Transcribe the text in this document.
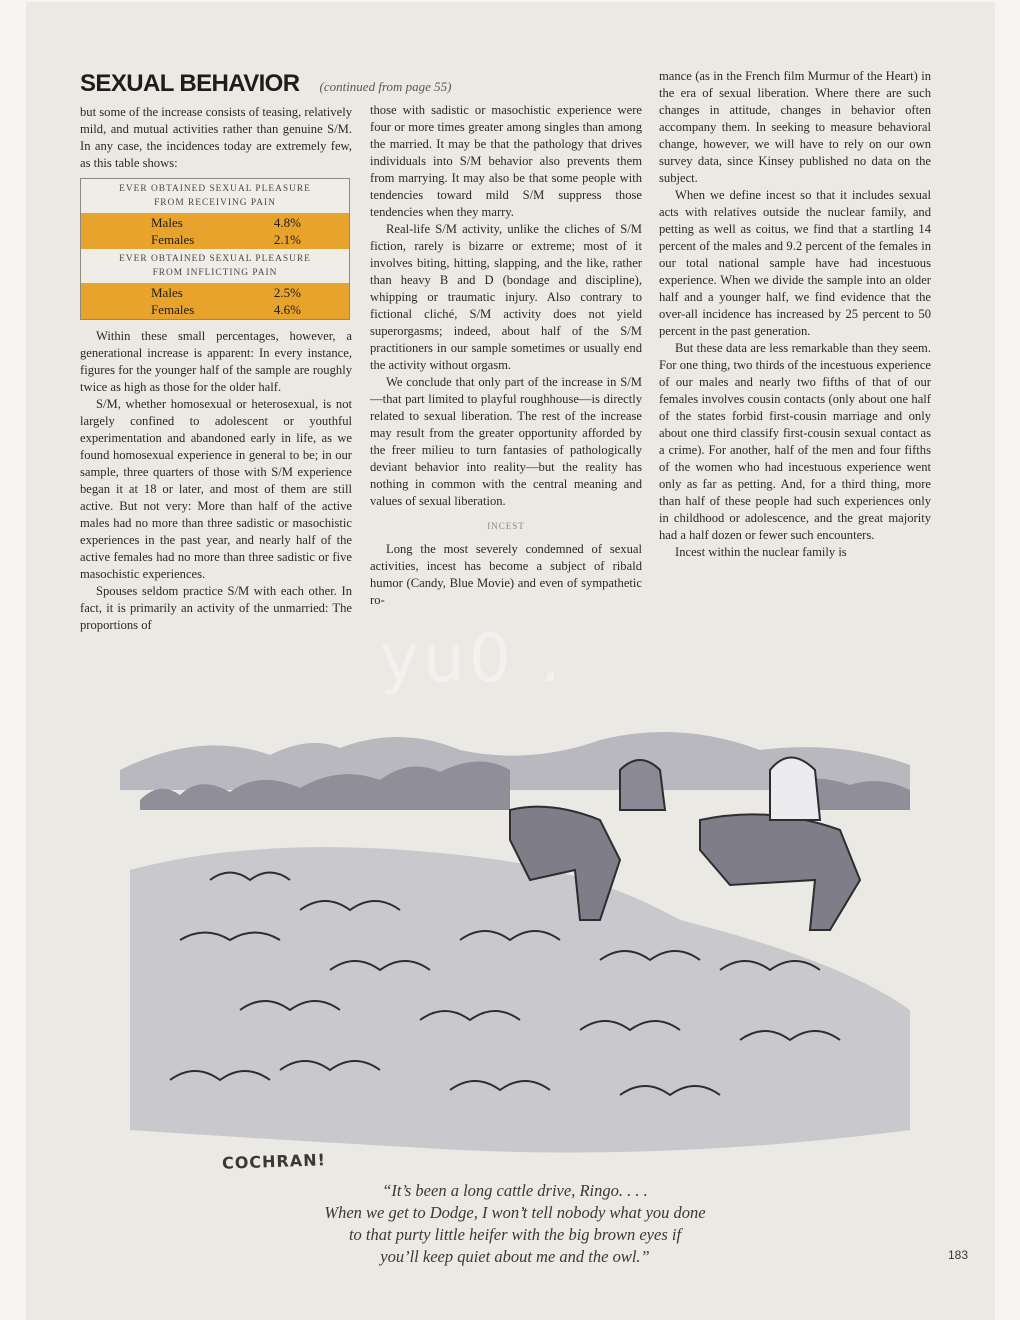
SEXUAL BEHAVIOR (continued from page 55)

but some of the increase consists of teasing, relatively mild, and mutual activities rather than genuine S/M. In any case, the incidences today are extremely few, as this table shows:

EVER OBTAINED SEXUAL PLEASURE
FROM RECEIVING PAIN
Males	4.8%
Females	2.1%
EVER OBTAINED SEXUAL PLEASURE
FROM INFLICTING PAIN
Males	2.5%
Females	4.6%

Within these small percentages, however, a generational increase is apparent: In every instance, figures for the younger half of the sample are roughly twice as high as those for the older half.

S/M, whether homosexual or heterosexual, is not largely confined to adolescent or youthful experimentation and abandoned early in life, as we found homosexual experience in general to be; in our sample, three quarters of those with S/M experience began it at 18 or later, and most of them are still active. But not very: More than half of the active males had no more than three sadistic or masochistic experiences in the past year, and nearly half of the active females had no more than three sadistic or five masochistic experiences.

Spouses seldom practice S/M with each other. In fact, it is primarily an activity of the unmarried: The proportions of

those with sadistic or masochistic experience were four or more times greater among singles than among the married. It may be that the pathology that drives individuals into S/M behavior also prevents them from marrying. It may also be that some people with tendencies toward mild S/M suppress those tendencies when they marry.

Real-life S/M activity, unlike the cliches of S/M fiction, rarely is bizarre or extreme; most of it involves biting, hitting, slapping, and the like, rather than heavy B and D (bondage and discipline), whipping or traumatic injury. Also contrary to fictional cliché, S/M activity does not yield superorgasms; indeed, about half of the S/M practitioners in our sample sometimes or usually end the activity without orgasm.

We conclude that only part of the increase in S/M—that part limited to playful roughhouse—is directly related to sexual liberation. The rest of the increase may result from the greater opportunity afforded by the freer milieu to turn fantasies of pathologically deviant behavior into reality—but the reality has nothing in common with the central meaning and values of sexual liberation.

INCEST

Long the most severely condemned of sexual activities, incest has become a subject of ribald humor (Candy, Blue Movie) and even of sympathetic ro-

mance (as in the French film Murmur of the Heart) in the era of sexual liberation. Where there are such changes in attitude, changes in behavior often accompany them. In seeking to measure behavioral change, however, we will have to rely on our own survey data, since Kinsey published no data on the subject.

When we define incest so that it includes sexual acts with relatives outside the nuclear family, and petting as well as coitus, we find that a startling 14 percent of the males and 9.2 percent of the females in our total national sample have had incestuous experience. When we divide the sample into an older half and a younger half, we find evidence that the over-all incidence has increased by 25 percent to 50 percent in the past generation.

But these data are less remarkable than they seem. For one thing, two thirds of the incestuous experience of our males and nearly two fifths of that of our females involves cousin contacts (only about one half of the states forbid first-cousin marriage and only about one third classify first-cousin sexual contact as a crime). For another, half of the men and four fifths of the women who had incestuous experience went only as far as petting. And, for a third thing, more than half of these people had such experiences only in childhood or adolescence, and the great majority had a half dozen or fewer such encounters.

Incest within the nuclear family is

COCHRAN!
“It’s been a long cattle drive, Ringo. . . .
When we get to Dodge, I won’t tell nobody what you done
to that purty little heifer with the big brown eyes if
you’ll keep quiet about me and the owl.”	183
yu0 .
